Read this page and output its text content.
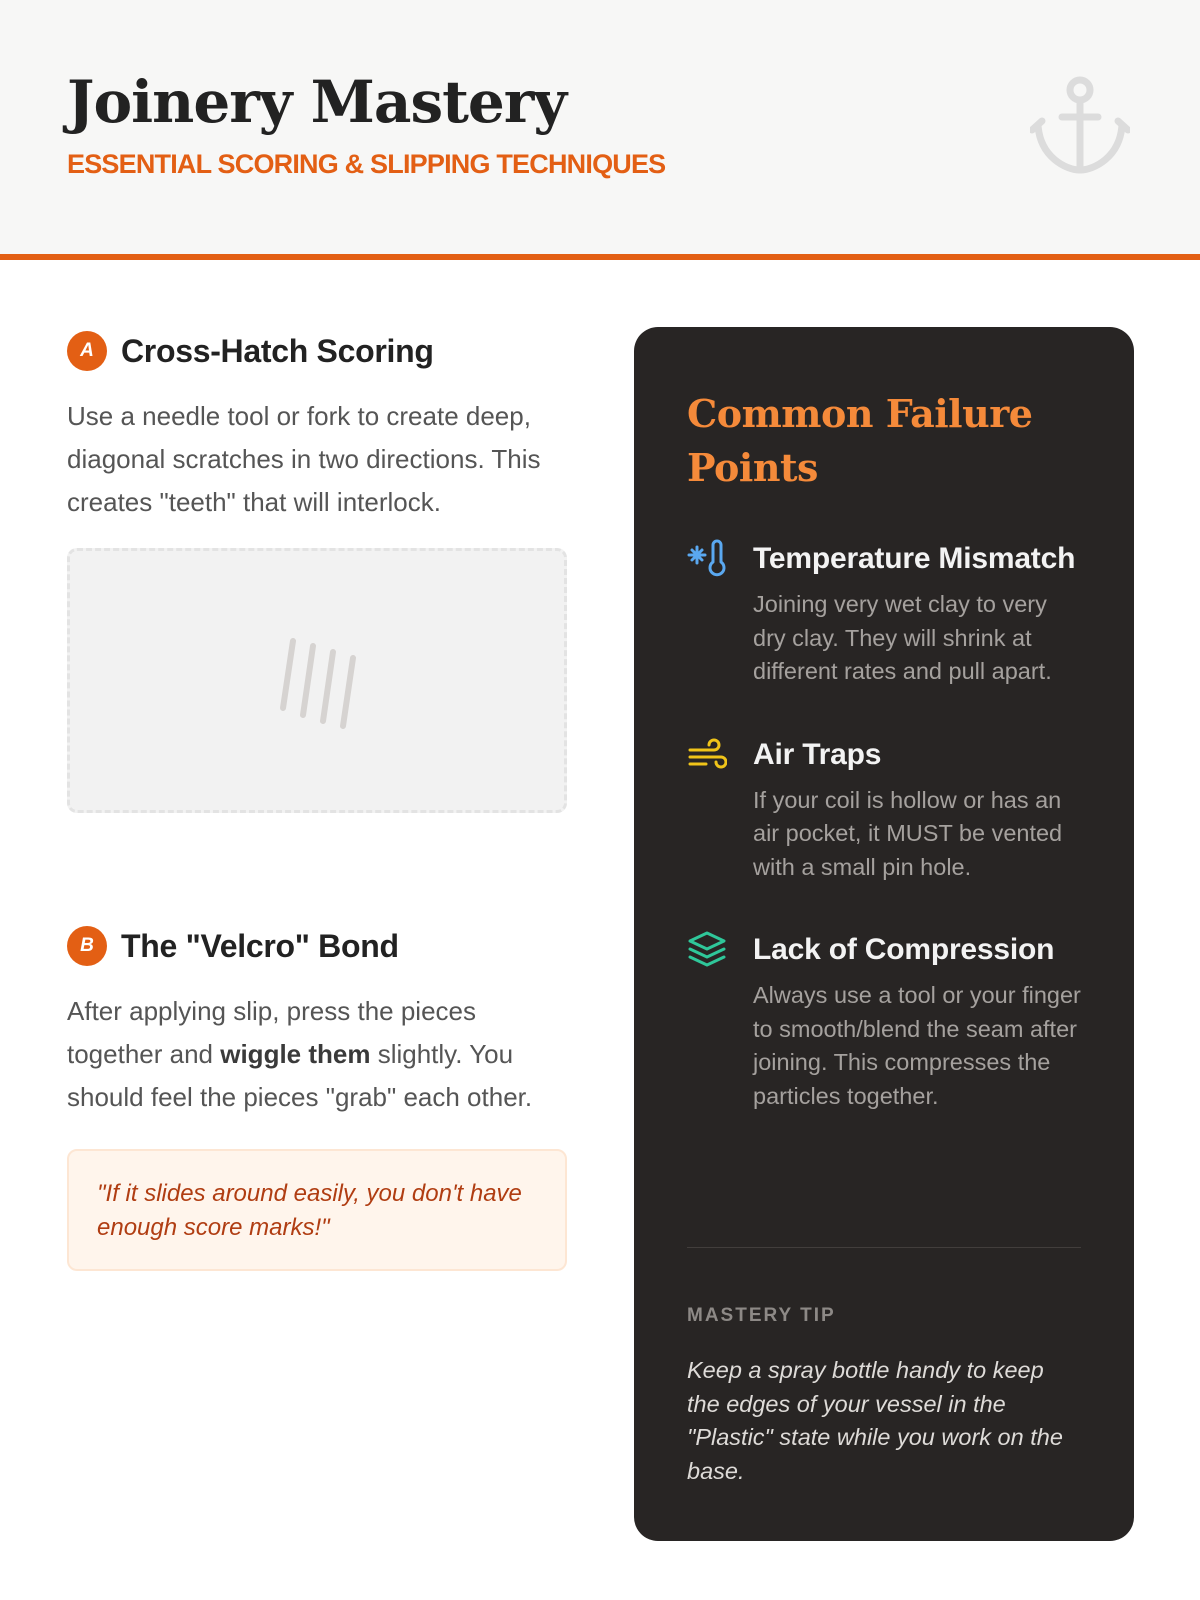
Joinery Mastery
ESSENTIAL SCORING & SLIPPING TECHNIQUES
A Cross-Hatch Scoring
Use a needle tool or fork to create deep, diagonal scratches in two directions. This creates "teeth" that will interlock.
B The "Velcro" Bond
After applying slip, press the pieces together and wiggle them slightly. You should feel the pieces "grab" each other.
"If it slides around easily, you don't have enough score marks!"
Common Failure Points
Temperature Mismatch
Joining very wet clay to very dry clay. They will shrink at different rates and pull apart.
Air Traps
If your coil is hollow or has an air pocket, it MUST be vented with a small pin hole.
Lack of Compression
Always use a tool or your finger to smooth/blend the seam after joining. This compresses the particles together.
MASTERY TIP
Keep a spray bottle handy to keep the edges of your vessel in the "Plastic" state while you work on the base.
